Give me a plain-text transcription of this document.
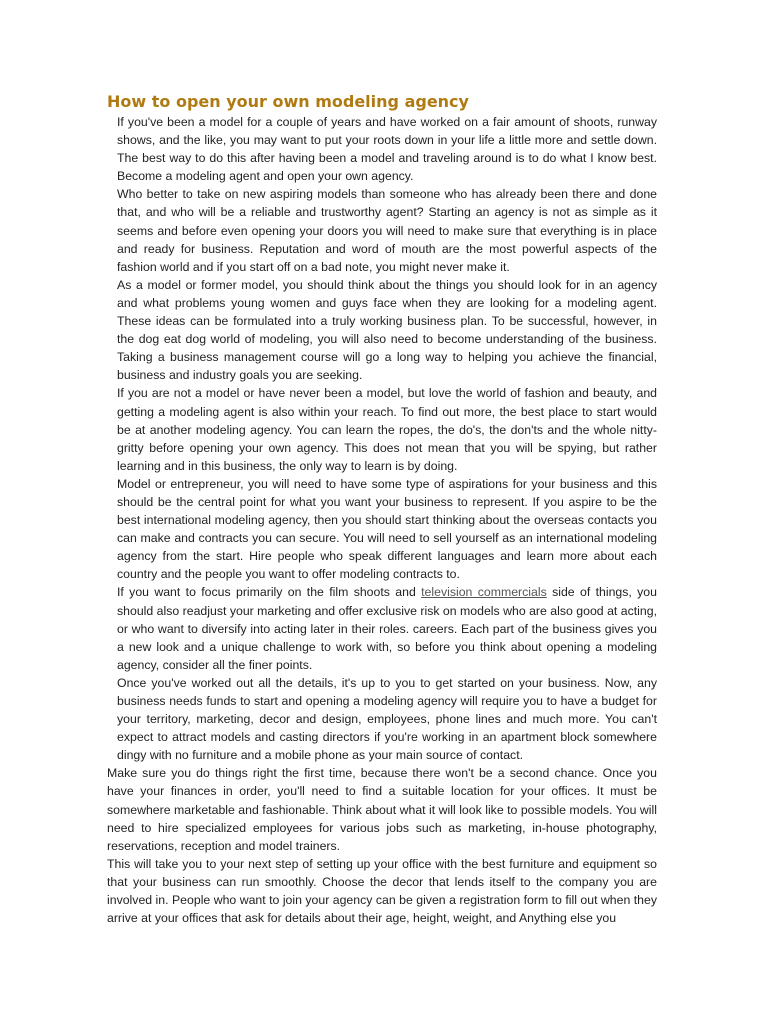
How to open your own modeling agency

If you've been a model for a couple of years and have worked on a fair amount of shoots, runway shows, and the like, you may want to put your roots down in your life a little more and settle down. The best way to do this after having been a model and traveling around is to do what I know best. Become a modeling agent and open your own agency.

Who better to take on new aspiring models than someone who has already been there and done that, and who will be a reliable and trustworthy agent? Starting an agency is not as simple as it seems and before even opening your doors you will need to make sure that everything is in place and ready for business. Reputation and word of mouth are the most powerful aspects of the fashion world and if you start off on a bad note, you might never make it.

As a model or former model, you should think about the things you should look for in an agency and what problems young women and guys face when they are looking for a modeling agent. These ideas can be formulated into a truly working business plan. To be successful, however, in the dog eat dog world of modeling, you will also need to become understanding of the business. Taking a business management course will go a long way to helping you achieve the financial, business and industry goals you are seeking.

If you are not a model or have never been a model, but love the world of fashion and beauty, and getting a modeling agent is also within your reach. To find out more, the best place to start would be at another modeling agency. You can learn the ropes, the do's, the don'ts and the whole nitty-gritty before opening your own agency. This does not mean that you will be spying, but rather learning and in this business, the only way to learn is by doing.

Model or entrepreneur, you will need to have some type of aspirations for your business and this should be the central point for what you want your business to represent. If you aspire to be the best international modeling agency, then you should start thinking about the overseas contacts you can make and contracts you can secure. You will need to sell yourself as an international modeling agency from the start. Hire people who speak different languages and learn more about each country and the people you want to offer modeling contracts to.

If you want to focus primarily on the film shoots and television commercials side of things, you should also readjust your marketing and offer exclusive risk on models who are also good at acting, or who want to diversify into acting later in their roles. careers. Each part of the business gives you a new look and a unique challenge to work with, so before you think about opening a modeling agency, consider all the finer points.

Once you've worked out all the details, it's up to you to get started on your business. Now, any business needs funds to start and opening a modeling agency will require you to have a budget for your territory, marketing, decor and design, employees, phone lines and much more. You can't expect to attract models and casting directors if you're working in an apartment block somewhere dingy with no furniture and a mobile phone as your main source of contact.

Make sure you do things right the first time, because there won't be a second chance. Once you have your finances in order, you'll need to find a suitable location for your offices. It must be somewhere marketable and fashionable. Think about what it will look like to possible models. You will need to hire specialized employees for various jobs such as marketing, in-house photography, reservations, reception and model trainers.

This will take you to your next step of setting up your office with the best furniture and equipment so that your business can run smoothly. Choose the decor that lends itself to the company you are involved in. People who want to join your agency can be given a registration form to fill out when they arrive at your offices that ask for details about their age, height, weight, and Anything else you
